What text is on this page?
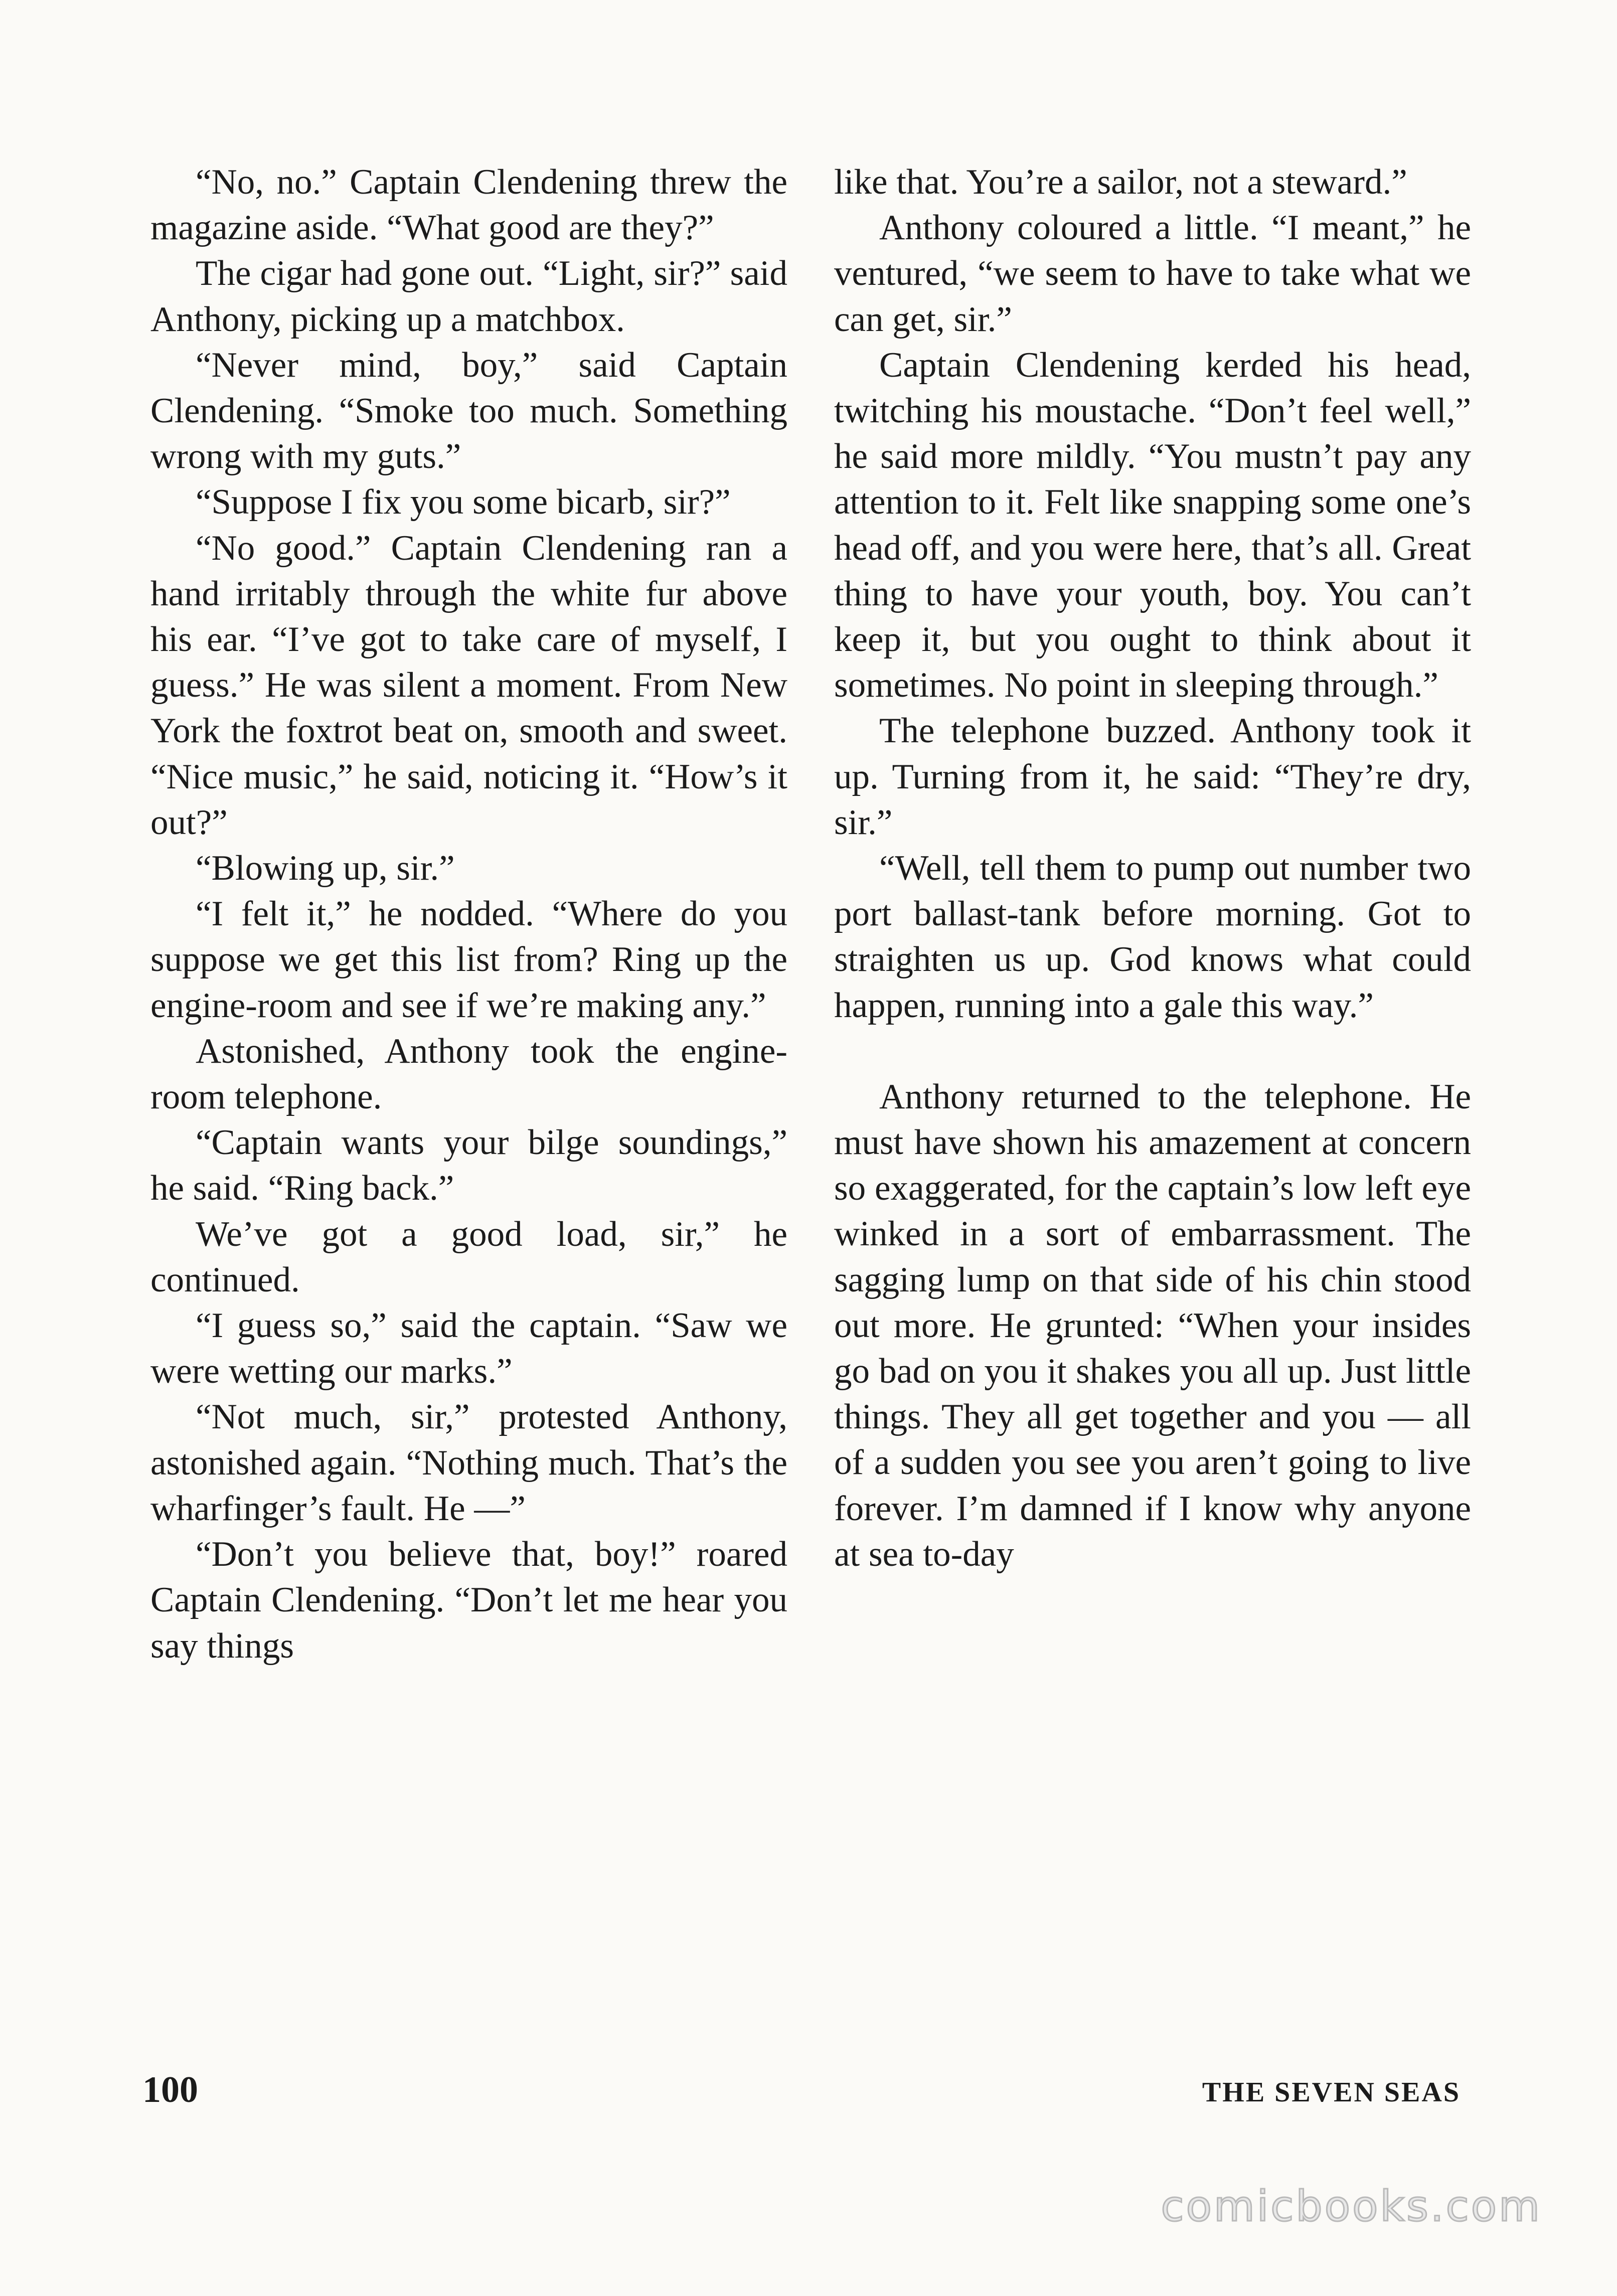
“No, no.” Captain Clendening threw the magazine aside. “What good are they?”

The cigar had gone out. “Light, sir?” said Anthony, picking up a matchbox.

“Never mind, boy,” said Captain Clendening. “Smoke too much. Something wrong with my guts.”

“Suppose I fix you some bicarb, sir?”

“No good.” Captain Clendening ran a hand irritably through the white fur above his ear. “I’ve got to take care of myself, I guess.” He was silent a moment. From New York the foxtrot beat on, smooth and sweet. “Nice music,” he said, noticing it. “How’s it out?”

“Blowing up, sir.”

“I felt it,” he nodded. “Where do you suppose we get this list from? Ring up the engine-room and see if we’re making any.”

Astonished, Anthony took the engine-room telephone.

“Captain wants your bilge soundings,” he said. “Ring back.”

We’ve got a good load, sir,” he continued.

“I guess so,” said the captain. “Saw we were wetting our marks.”

“Not much, sir,” protested Anthony, astonished again. “Nothing much. That’s the wharfinger’s fault. He —”

“Don’t you believe that, boy!” roared Captain Clendening. “Don’t let me hear you say things

like that. You’re a sailor, not a steward.”

Anthony coloured a little. “I meant,” he ventured, “we seem to have to take what we can get, sir.”

Captain Clendening kerded his head, twitching his moustache. “Don’t feel well,” he said more mildly. “You mustn’t pay any attention to it. Felt like snapping some one’s head off, and you were here, that’s all. Great thing to have your youth, boy. You can’t keep it, but you ought to think about it sometimes. No point in sleeping through.”

The telephone buzzed. Anthony took it up. Turning from it, he said: “They’re dry, sir.”

“Well, tell them to pump out number two port ballast-tank before morning. Got to straighten us up. God knows what could happen, running into a gale this way.”

Anthony returned to the telephone. He must have shown his amazement at concern so exaggerated, for the captain’s low left eye winked in a sort of embarrassment. The sagging lump on that side of his chin stood out more. He grunted: “When your insides go bad on you it shakes you all up. Just little things. They all get together and you — all of a sudden you see you aren’t going to live forever. I’m damned if I know why anyone at sea to-day

100	THE SEVEN SEAS
comicbooks.com
